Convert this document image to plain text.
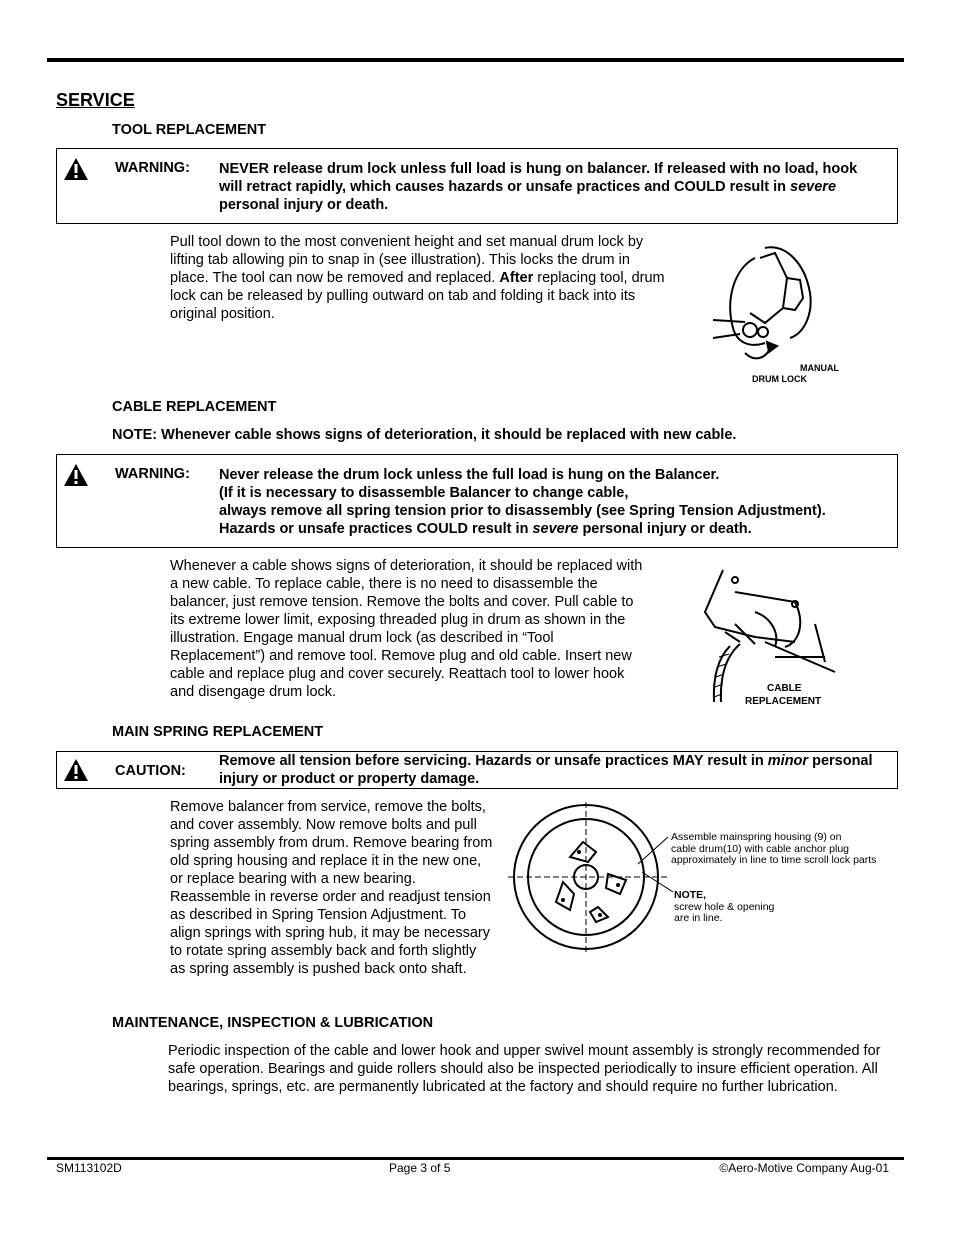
SERVICE
TOOL REPLACEMENT
WARNING: NEVER release drum lock unless full load is hung on balancer. If released with no load, hook will retract rapidly, which causes hazards or unsafe practices and COULD result in severe personal injury or death.
Pull tool down to the most convenient height and set manual drum lock by lifting tab allowing pin to snap in (see illustration). This locks the drum in place. The tool can now be removed and replaced. After replacing tool, drum lock can be released by pulling outward on tab and folding it back into its original position.
MANUAL
DRUM LOCK
CABLE REPLACEMENT
NOTE: Whenever cable shows signs of deterioration, it should be replaced with new cable.
WARNING: Never release the drum lock unless the full load is hung on the Balancer.
(If it is necessary to disassemble Balancer to change cable,
always remove all spring tension prior to disassembly (see Spring Tension Adjustment).
Hazards or unsafe practices COULD result in severe personal injury or death.
Whenever a cable shows signs of deterioration, it should be replaced with a new cable. To replace cable, there is no need to disassemble the balancer, just remove tension. Remove the bolts and cover. Pull cable to its extreme lower limit, exposing threaded plug in drum as shown in the illustration. Engage manual drum lock (as described in “Tool Replacement”) and remove tool. Remove plug and old cable. Insert new cable and replace plug and cover securely. Reattach tool to lower hook and disengage drum lock.	CABLE
REPLACEMENT
MAIN SPRING REPLACEMENT
CAUTION:
Remove all tension before servicing. Hazards or unsafe practices MAY result in minor personal injury or product or property damage.
Remove balancer from service, remove the bolts, and cover assembly. Now remove bolts and pull spring assembly from drum. Remove bearing from old spring housing and replace it in the new one, or replace bearing with a new bearing. Reassemble in reverse order and readjust tension as described in Spring Tension Adjustment. To align springs with spring hub, it may be necessary to rotate spring assembly back and forth slightly as spring assembly is pushed back onto shaft.
Assemble mainspring housing (9) on
cable drum(10) with cable anchor plug
approximately in line to time scroll lock parts
NOTE,
screw hole & opening
are in line.
MAINTENANCE, INSPECTION & LUBRICATION
Periodic inspection of the cable and lower hook and upper swivel mount assembly is strongly recommended for safe operation. Bearings and guide rollers should also be inspected periodically to insure efficient operation. All bearings, springs, etc. are permanently lubricated at the factory and should require no further lubrication.
SM113102D	Page 3 of 5	©Aero-Motive Company Aug-01
